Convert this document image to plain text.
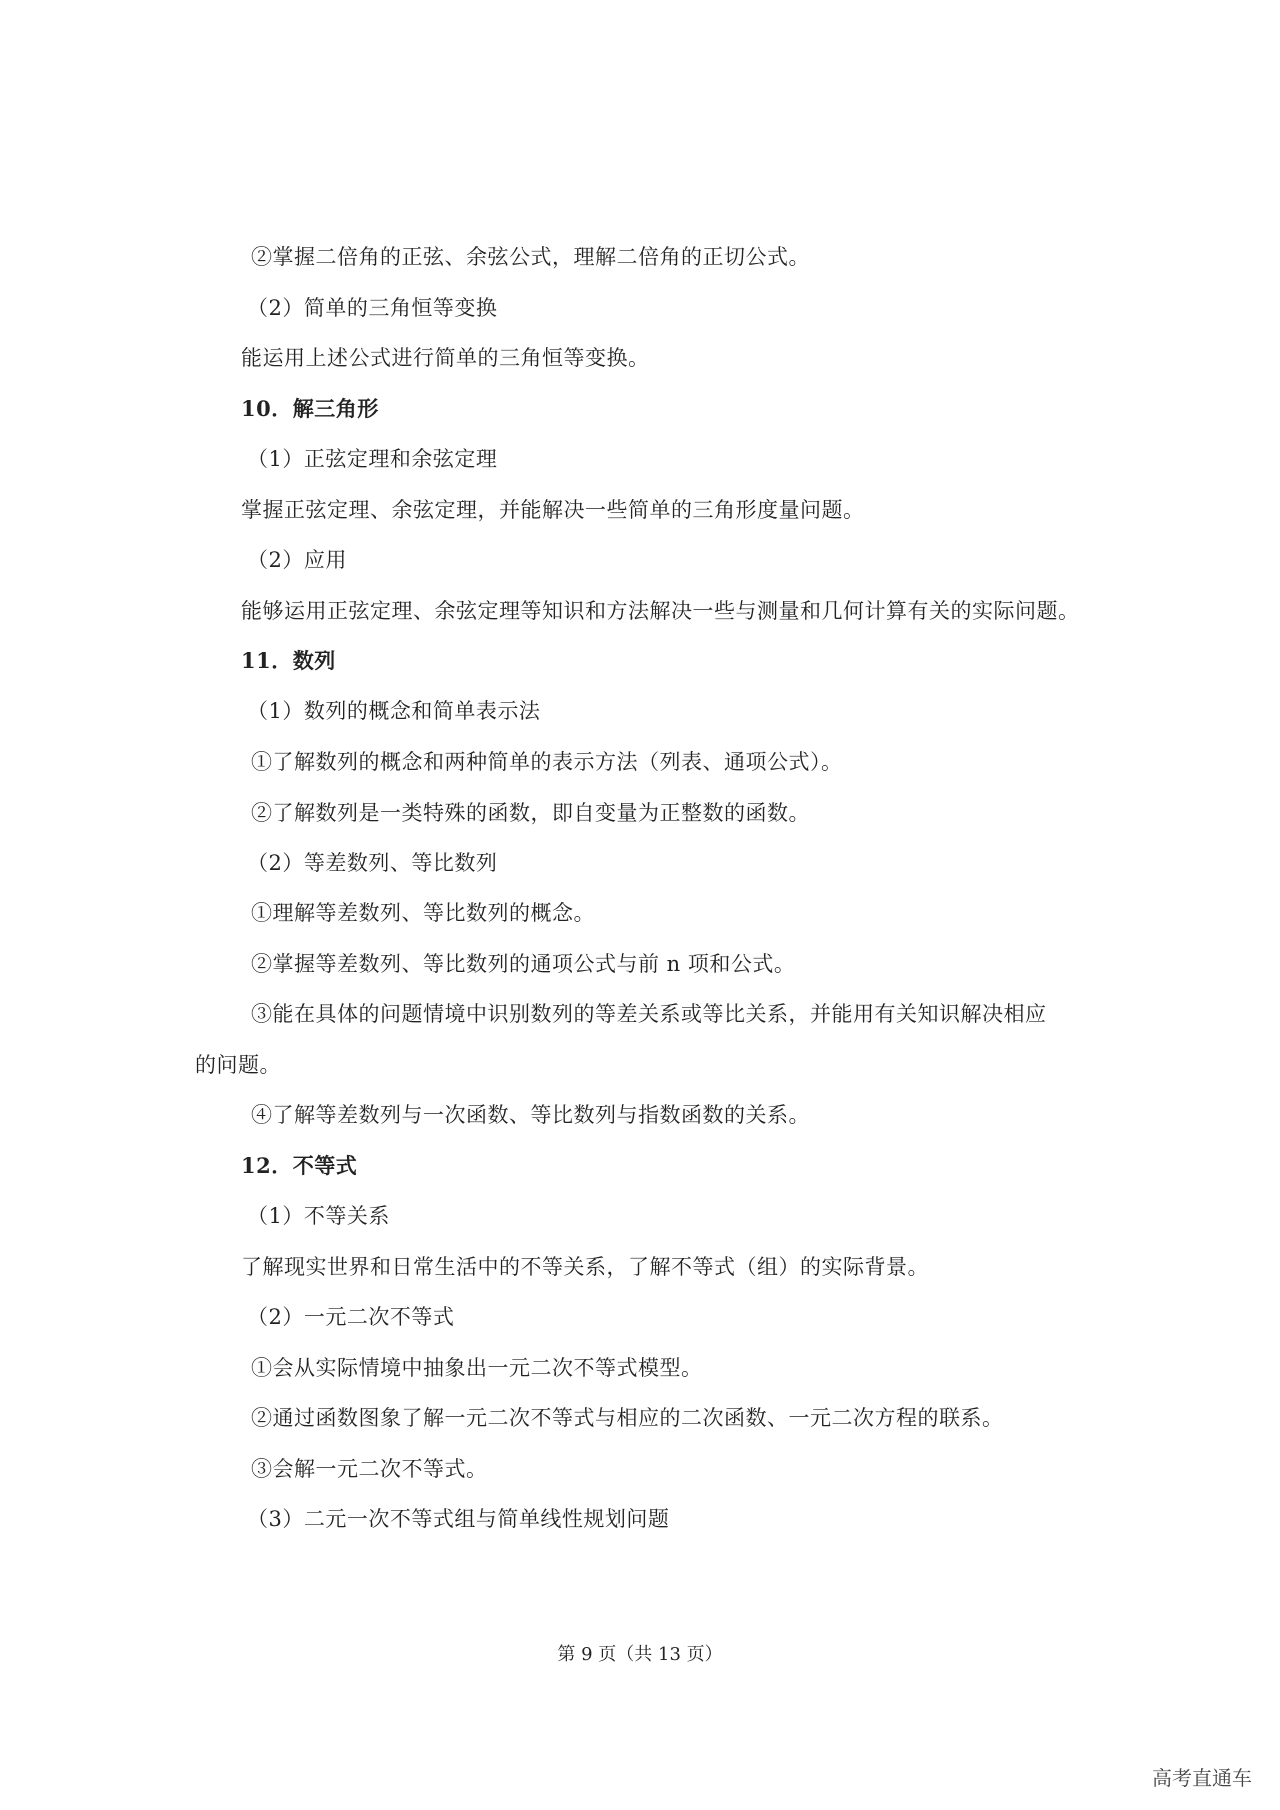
②掌握二倍角的正弦、余弦公式，理解二倍角的正切公式。
（2）简单的三角恒等变换
能运用上述公式进行简单的三角恒等变换。
10．解三角形
（1）正弦定理和余弦定理
掌握正弦定理、余弦定理，并能解决一些简单的三角形度量问题。
（2）应用
能够运用正弦定理、余弦定理等知识和方法解决一些与测量和几何计算有关的实际问题。
11．数列
（1）数列的概念和简单表示法
①了解数列的概念和两种简单的表示方法（列表、通项公式）。
②了解数列是一类特殊的函数，即自变量为正整数的函数。
（2）等差数列、等比数列
①理解等差数列、等比数列的概念。
②掌握等差数列、等比数列的通项公式与前 n 项和公式。
③能在具体的问题情境中识别数列的等差关系或等比关系，并能用有关知识解决相应
的问题。
④了解等差数列与一次函数、等比数列与指数函数的关系。
12．不等式
（1）不等关系
了解现实世界和日常生活中的不等关系，了解不等式（组）的实际背景。
（2）一元二次不等式
①会从实际情境中抽象出一元二次不等式模型。
②通过函数图象了解一元二次不等式与相应的二次函数、一元二次方程的联系。
③会解一元二次不等式。
（3）二元一次不等式组与简单线性规划问题
第 9 页（共 13 页）
高考直通车
